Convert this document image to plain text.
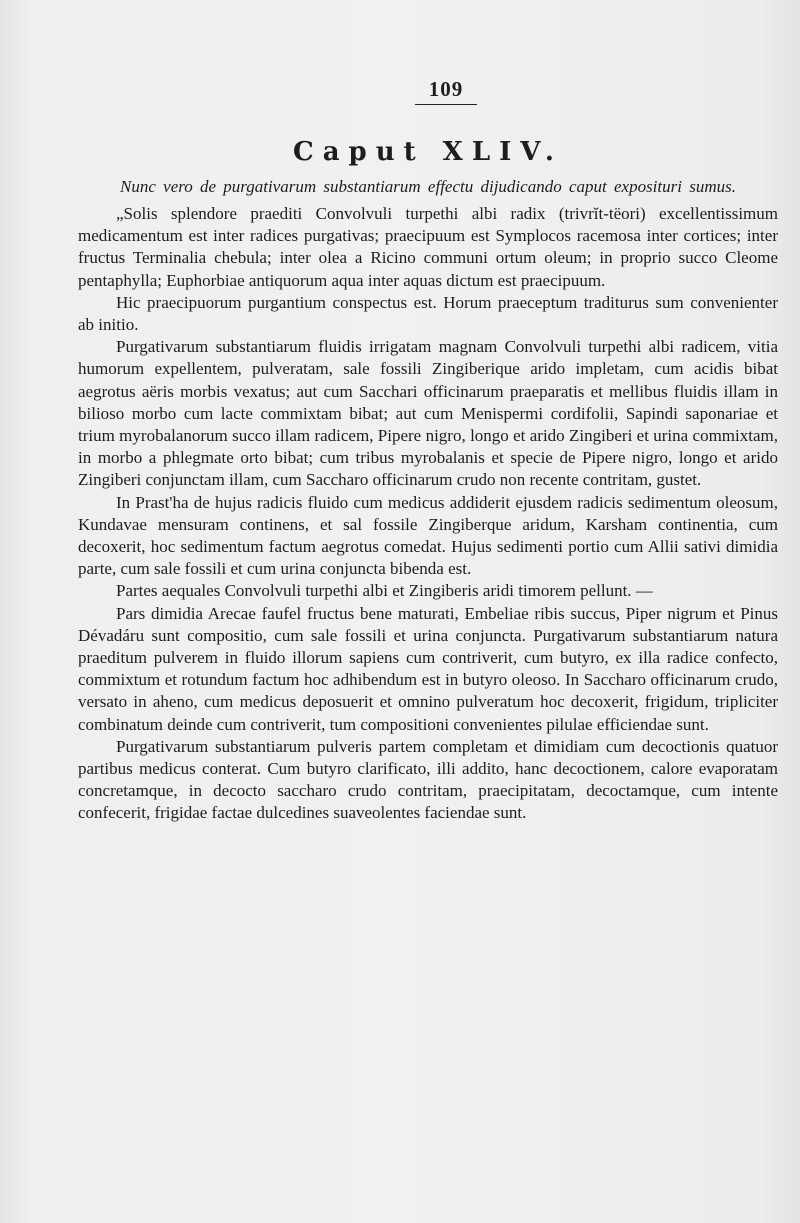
109
Caput XLIV.
Nunc vero de purgativarum substantiarum effectu dijudicando caput exposituri sumus.

„Solis splendore praediti Convolvuli turpethi albi radix (trivrĭt-tëori) excellentissimum medicamentum est inter radices purgativas; praecipuum est Symplocos racemosa inter cortices; inter fructus Terminalia chebula; inter olea a Ricino communi ortum oleum; in proprio succo Cleome pentaphylla; Euphorbiae antiquorum aqua inter aquas dictum est praecipuum.

Hic praecipuorum purgantium conspectus est. Horum praeceptum traditurus sum convenienter ab initio.

Purgativarum substantiarum fluidis irrigatam magnam Convolvuli turpethi albi radicem, vitia humorum expellentem, pulveratam, sale fossili Zingiberique arido impletam, cum acidis bibat aegrotus aëris morbis vexatus; aut cum Sacchari officinarum praeparatis et mellibus fluidis illam in bilioso morbo cum lacte commixtam bibat; aut cum Menispermi cordifolii, Sapindi saponariae et trium myrobalanorum succo illam radicem, Pipere nigro, longo et arido Zingiberi et urina commixtam, in morbo a phlegmate orto bibat; cum tribus myrobalanis et specie de Pipere nigro, longo et arido Zingiberi conjunctam illam, cum Saccharo officinarum crudo non recente contritam, gustet.

In Prast'ha de hujus radicis fluido cum medicus addiderit ejusdem radicis sedimentum oleosum, Kundavae mensuram continens, et sal fossile Zingiberque aridum, Karsham continentia, cum decoxerit, hoc sedimentum factum aegrotus comedat. Hujus sedimenti portio cum Allii sativi dimidia parte, cum sale fossili et cum urina conjuncta bibenda est.

Partes aequales Convolvuli turpethi albi et Zingiberis aridi timorem pellunt. —

Pars dimidia Arecae faufel fructus bene maturati, Embeliae ribis succus, Piper nigrum et Pinus Dévadáru sunt compositio, cum sale fossili et urina conjuncta. Purgativarum substantiarum natura praeditum pulverem in fluido illorum sapiens cum contriverit, cum butyro, ex illa radice confecto, commixtum et rotundum factum hoc adhibendum est in butyro oleoso. In Saccharo officinarum crudo, versato in aheno, cum medicus deposuerit et omnino pulveratum hoc decoxerit, frigidum, tripliciter combinatum deinde cum contriverit, tum compositioni convenientes pilulae efficiendae sunt.

Purgativarum substantiarum pulveris partem completam et dimidiam cum decoctionis quatuor partibus medicus conterat. Cum butyro clarificato, illi addito, hanc decoctionem, calore evaporatam concretamque, in decocto saccharo crudo contritam, praecipitatam, decoctamque, cum intente confecerit, frigidae factae dulcedines suaveolentes faciendae sunt.
